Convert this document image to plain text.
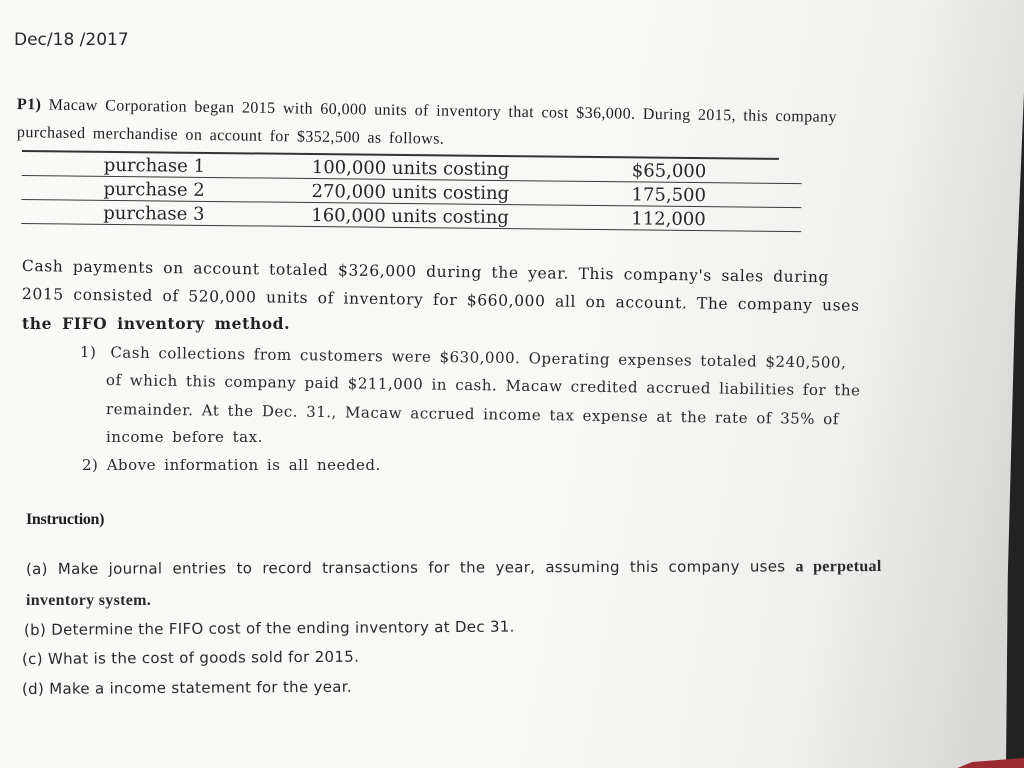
Dec/18 /2017
P1) Macaw Corporation began 2015 with 60,000 units of inventory that cost $36,000. During 2015, this company
purchased merchandise on account for $352,500 as follows.
purchase 1	100,000 units costing	$65,000
purchase 2	270,000 units costing	175,500
purchase 3	160,000 units costing	112,000
Cash payments on account totaled $326,000 during the year. This company's sales during
2015 consisted of 520,000 units of inventory for $660,000 all on account. The company uses
the FIFO inventory method.
1) Cash collections from customers were $630,000. Operating expenses totaled $240,500,
of which this company paid $211,000 in cash. Macaw credited accrued liabilities for the
remainder. At the Dec. 31., Macaw accrued income tax expense at the rate of 35% of
income before tax.
2) Above information is all needed.
Instruction)
(a) Make journal entries to record transactions for the year, assuming this company uses a perpetual
inventory system.
(b) Determine the FIFO cost of the ending inventory at Dec 31.
(c) What is the cost of goods sold for 2015.
(d) Make a income statement for the year.
